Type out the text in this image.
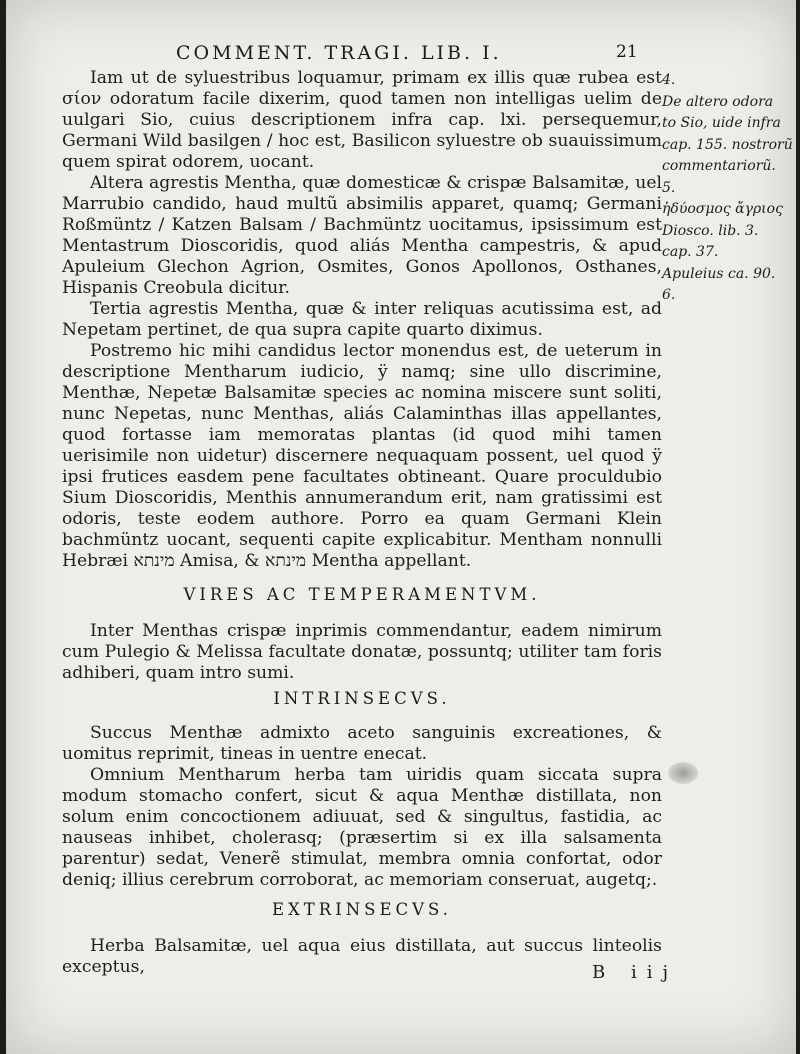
COMMENT. TRAGI. LIB. I.	21

Iam ut de syluestribus loquamur, primam ex illis quæ rubea est σίον odoratum facile dixerim, quod tamen non intelligas uelim de uulgari Sio, cuius descriptionem infra cap. lxi. persequemur, Germani Wild basilgen / hoc est, Basilicon syluestre ob suauissimum quem spirat odorem, uocant.

Altera agrestis Mentha, quæ domesticæ & crispæ Balsamitæ, uel Marrubio candido, haud multũ absimilis apparet, quamq; Germani Roßmüntz / Katzen Balsam / Bachmüntz uocitamus, ipsissimum est Mentastrum Dioscoridis, quod aliás Mentha campestris, & apud Apuleium Glechon Agrion, Osmites, Gonos Apollonos, Osthanes, Hispanis Creobula dicitur.

Tertia agrestis Mentha, quæ & inter reliquas acutissima est, ad Nepetam pertinet, de qua supra capite quarto diximus.

Postremo hic mihi candidus lector monendus est, de ueterum in descriptione Mentharum iudicio, ÿ namq; sine ullo discrimine, Menthæ, Nepetæ Balsamitæ species ac nomina miscere sunt soliti, nunc Nepetas, nunc Menthas, aliás Calaminthas illas appellantes, quod fortasse iam memoratas plantas (id quod mihi tamen uerisimile non uidetur) discernere nequaquam possent, uel quod ÿ ipsi frutices easdem pene facultates obtineant. Quare proculdubio Sium Dioscoridis, Menthis annumerandum erit, nam gratissimi est odoris, teste eodem authore. Porro ea quam Germani Klein bachmüntz uocant, sequenti capite explicabitur. Mentham nonnulli Hebræi מינתא Amisa, & מינתא Mentha appellant.

VIRES AC TEMPERAMENTVM.

Inter Menthas crispæ inprimis commendantur, eadem nimirum cum Pulegio & Melissa facultate donatæ, possuntq; utiliter tam foris adhiberi, quam intro sumi.

INTRINSECVS.

Succus Menthæ admixto aceto sanguinis excreationes, & uomitus reprimit, tineas in uentre enecat.

Omnium Mentharum herba tam uiridis quam siccata supra modum stomacho confert, sicut & aqua Menthæ distillata, non solum enim concoctionem adiuuat, sed & singultus, fastidia, ac nauseas inhibet, cholerasq; (præsertim si ex illa salsamenta parentur) sedat, Venerẽ stimulat, membra omnia confortat, odor deniq; illius cerebrum corroborat, ac memoriam conseruat, augetq;.

EXTRINSECVS.

Herba Balsamitæ, uel aqua eius distillata, aut succus linteolis exceptus,

4.
De altero odora
to Sio, uide infra
cap. 155. nostrorũ
commentariorũ.
5.
ἡδύοσμος ἄγριος
Diosco. lib. 3.
cap. 37.
Apuleius ca. 90.
6.
B iij
